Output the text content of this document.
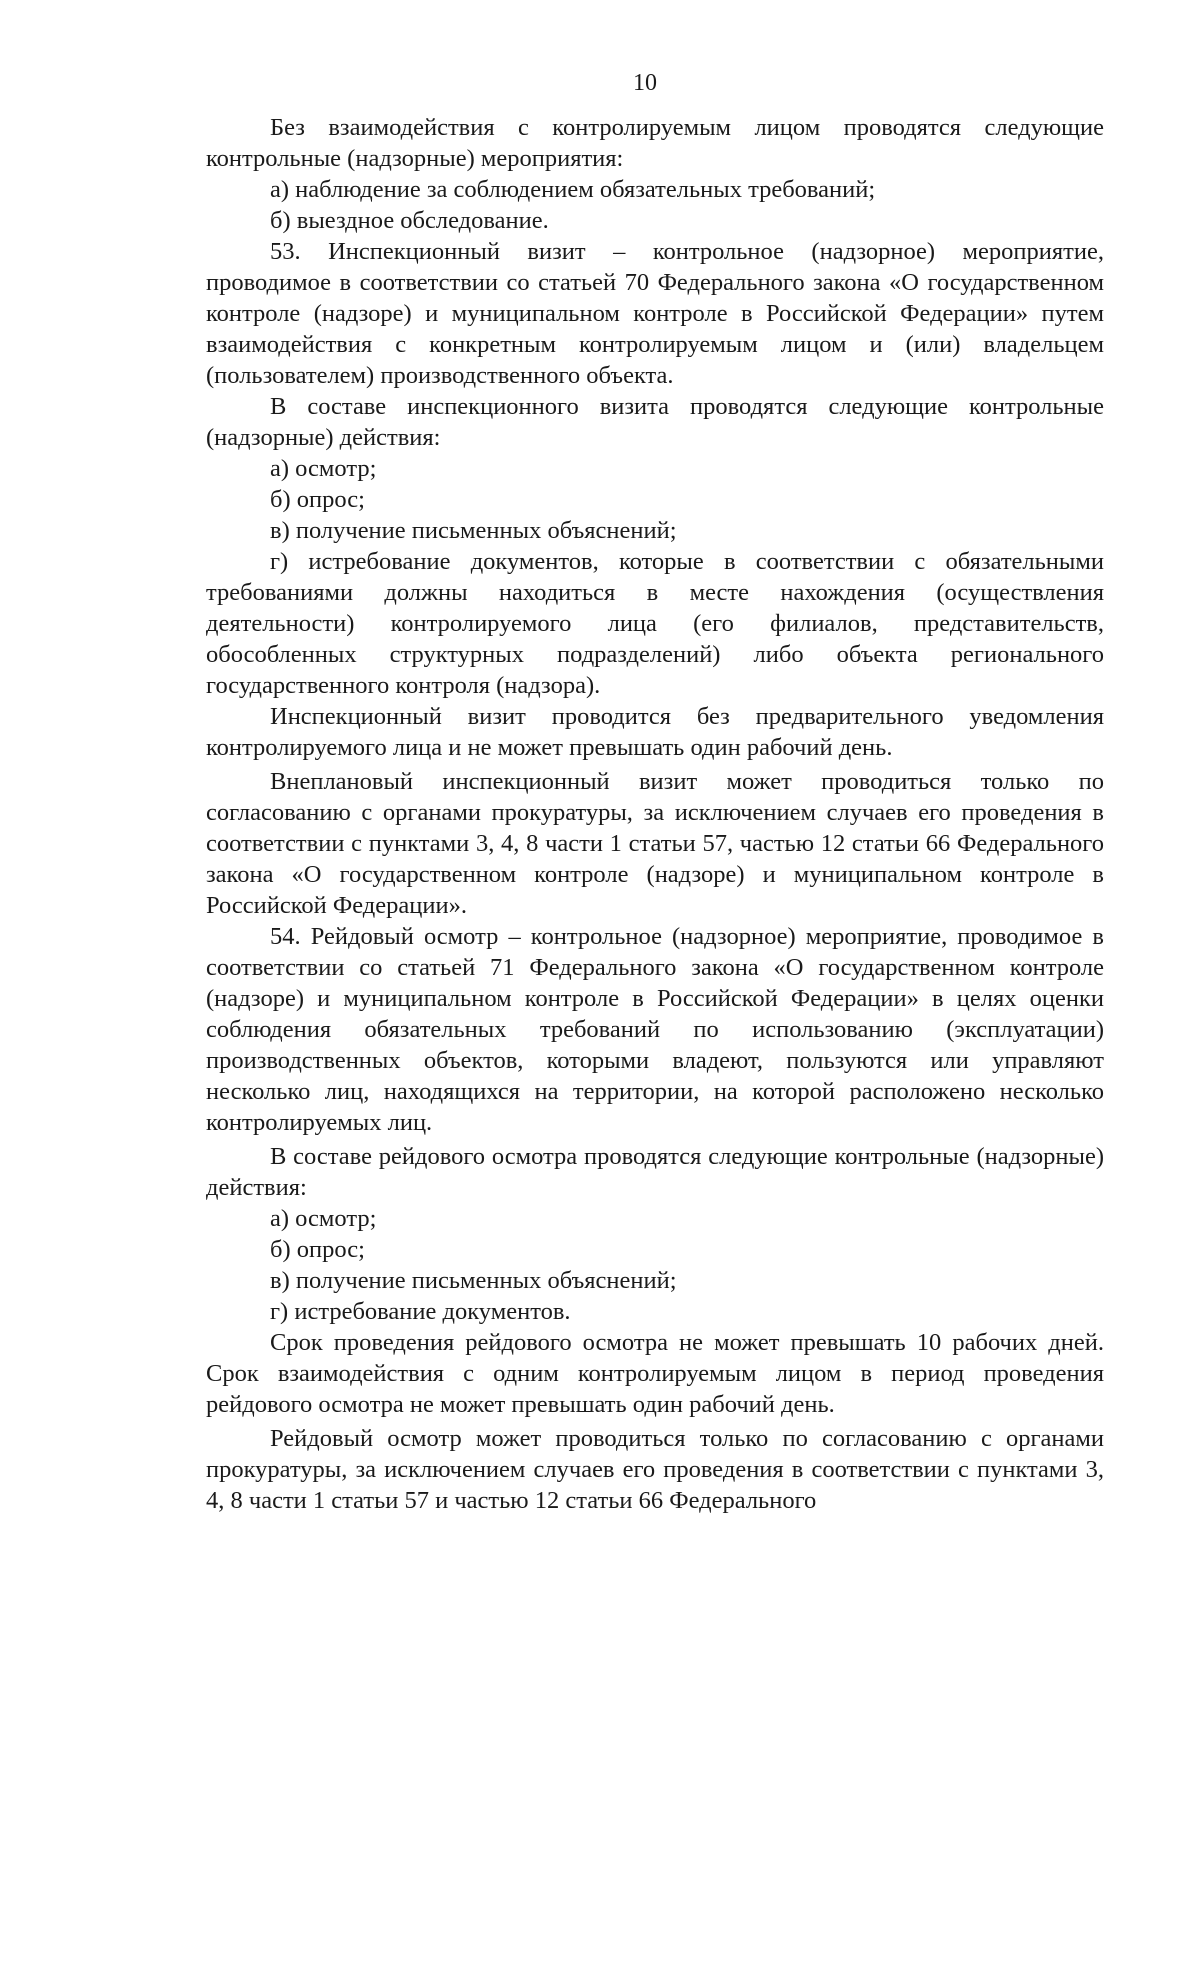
10

Без взаимодействия с контролируемым лицом проводятся следующие контрольные (надзорные) мероприятия:

а) наблюдение за соблюдением обязательных требований;

б) выездное обследование.

53. Инспекционный визит – контрольное (надзорное) мероприятие, проводимое в соответствии со статьей 70 Федерального закона «О государственном контроле (надзоре) и муниципальном контроле в Российской Федерации» путем взаимодействия с конкретным контролируемым лицом и (или) владельцем (пользователем) производственного объекта.

В составе инспекционного визита проводятся следующие контрольные (надзорные) действия:

а) осмотр;

б) опрос;

в) получение письменных объяснений;

г) истребование документов, которые в соответствии с обязательными требованиями должны находиться в месте нахождения (осуществления деятельности) контролируемого лица (его филиалов, представительств, обособленных структурных подразделений) либо объекта регионального государственного контроля (надзора).

Инспекционный визит проводится без предварительного уведомления контролируемого лица и не может превышать один рабочий день.

Внеплановый инспекционный визит может проводиться только по согласованию с органами прокуратуры, за исключением случаев его проведения в соответствии с пунктами 3, 4, 8 части 1 статьи 57, частью 12 статьи 66 Федерального закона «О государственном контроле (надзоре) и муниципальном контроле в Российской Федерации».

54. Рейдовый осмотр – контрольное (надзорное) мероприятие, проводимое в соответствии со статьей 71 Федерального закона «О государственном контроле (надзоре) и муниципальном контроле в Российской Федерации» в целях оценки соблюдения обязательных требований по использованию (эксплуатации) производственных объектов, которыми владеют, пользуются или управляют несколько лиц, находящихся на территории, на которой расположено несколько контролируемых лиц.

В составе рейдового осмотра проводятся следующие контрольные (надзорные) действия:

а) осмотр;

б) опрос;

в) получение письменных объяснений;

г) истребование документов.

Срок проведения рейдового осмотра не может превышать 10 рабочих дней. Срок взаимодействия с одним контролируемым лицом в период проведения рейдового осмотра не может превышать один рабочий день.

Рейдовый осмотр может проводиться только по согласованию с органами прокуратуры, за исключением случаев его проведения в соответствии с пунктами 3, 4, 8 части 1 статьи 57 и частью 12 статьи 66 Федерального
